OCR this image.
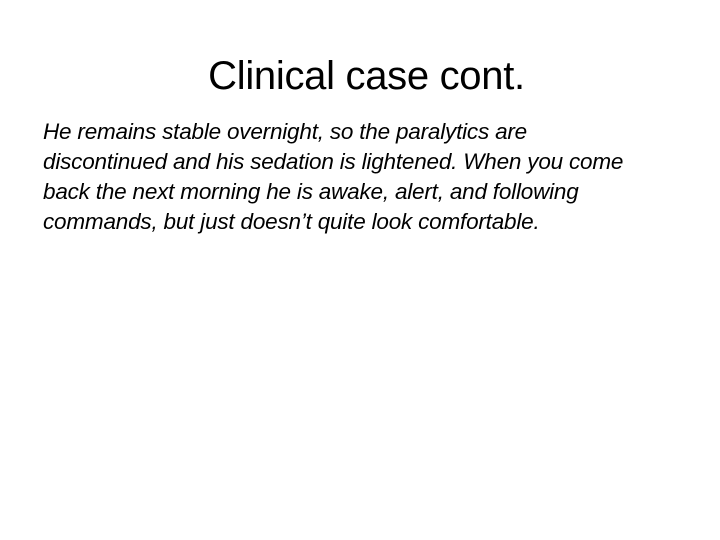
Clinical case cont.

He remains stable overnight, so the paralytics are
discontinued and his sedation is lightened. When you come
back the next morning he is awake, alert, and following
commands, but just doesn’t quite look comfortable.
